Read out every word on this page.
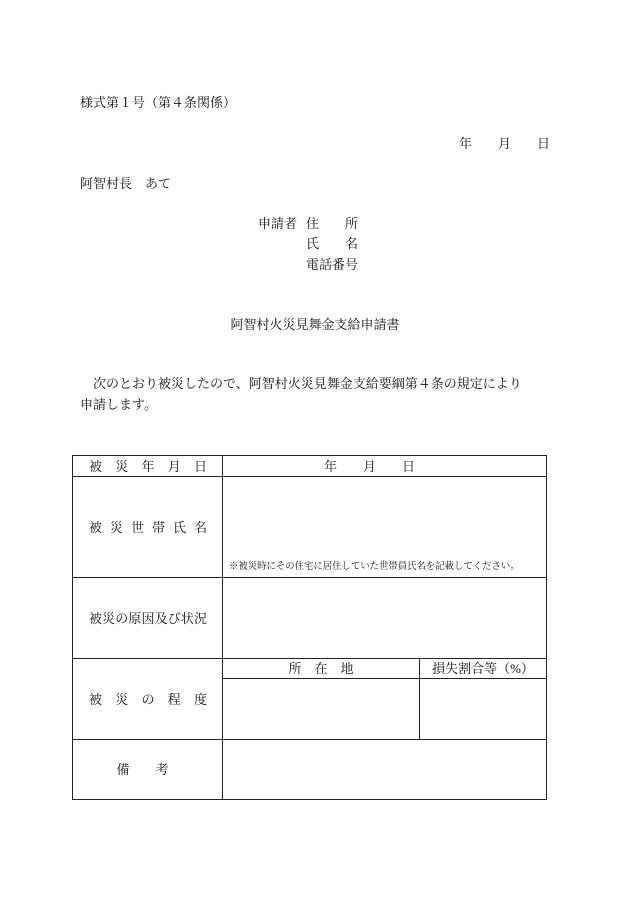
様式第１号（第４条関係）
年　　月　　日
阿智村長　あて
申請者 住　　所
氏　　名
電話番号
阿智村火災見舞金支給申請書
　次のとおり被災したので、阿智村火災見舞金支給要綱第４条の規定により
申請します。
被　災　年　月　日	年　　月　　日	

被災世帯氏名	※被災時にその住宅に居住していた世帯員氏名を記載してください。	

被災の原因及び状況		

被　災　の　程　度	所　在　地	損失割合等（%）

備　　考		
